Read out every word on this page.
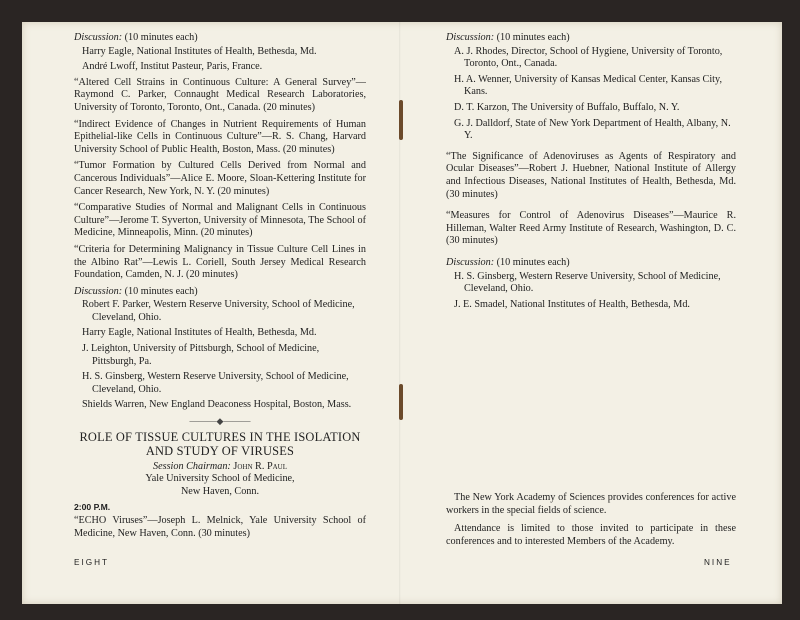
Discussion: (10 minutes each)

Harry Eagle, National Institutes of Health, Bethesda, Md.

André Lwoff, Institut Pasteur, Paris, France.

“Altered Cell Strains in Continuous Culture: A General Survey”—Raymond C. Parker, Connaught Medical Research Laboratories, University of Toronto, Toronto, Ont., Canada. (20 minutes)

“Indirect Evidence of Changes in Nutrient Requirements of Human Epithelial-like Cells in Continuous Culture”—R. S. Chang, Harvard University School of Public Health, Boston, Mass. (20 minutes)

“Tumor Formation by Cultured Cells Derived from Normal and Cancerous Individuals”—Alice E. Moore, Sloan-Kettering Institute for Cancer Research, New York, N. Y. (20 minutes)

“Comparative Studies of Normal and Malignant Cells in Continuous Culture”—Jerome T. Syverton, University of Minnesota, The School of Medicine, Minneapolis, Minn. (20 minutes)

“Criteria for Determining Malignancy in Tissue Culture Cell Lines in the Albino Rat”—Lewis L. Coriell, South Jersey Medical Research Foundation, Camden, N. J. (20 minutes)

Discussion: (10 minutes each)

Robert F. Parker, Western Reserve University, School of Medicine, Cleveland, Ohio.

Harry Eagle, National Institutes of Health, Bethesda, Md.

J. Leighton, University of Pittsburgh, School of Medicine, Pittsburgh, Pa.

H. S. Ginsberg, Western Reserve University, School of Medicine, Cleveland, Ohio.

Shields Warren, New England Deaconess Hospital, Boston, Mass.

———◆———

ROLE OF TISSUE CULTURES IN THE ISOLATION
AND STUDY OF VIRUSES

Session Chairman: John R. Paul

Yale University School of Medicine,

New Haven, Conn.

2:00 P.M.

“ECHO Viruses”—Joseph L. Melnick, Yale University School of Medicine, New Haven, Conn. (30 minutes)

EIGHT

Discussion: (10 minutes each)

A. J. Rhodes, Director, School of Hygiene, University of Toronto, Toronto, Ont., Canada.

H. A. Wenner, University of Kansas Medical Center, Kansas City, Kans.

D. T. Karzon, The University of Buffalo, Buffalo, N. Y.

G. J. Dalldorf, State of New York Department of Health, Albany, N. Y.

“The Significance of Adenoviruses as Agents of Respiratory and Ocular Diseases”—Robert J. Huebner, National Institute of Allergy and Infectious Diseases, National Institutes of Health, Bethesda, Md. (30 minutes)

“Measures for Control of Adenovirus Diseases”—Maurice R. Hilleman, Walter Reed Army Institute of Research, Washington, D. C. (30 minutes)

Discussion: (10 minutes each)

H. S. Ginsberg, Western Reserve University, School of Medicine, Cleveland, Ohio.

J. E. Smadel, National Institutes of Health, Bethesda, Md.

The New York Academy of Sciences provides conferences for active workers in the special fields of science.

Attendance is limited to those invited to participate in these conferences and to interested Members of the Academy.

NINE
